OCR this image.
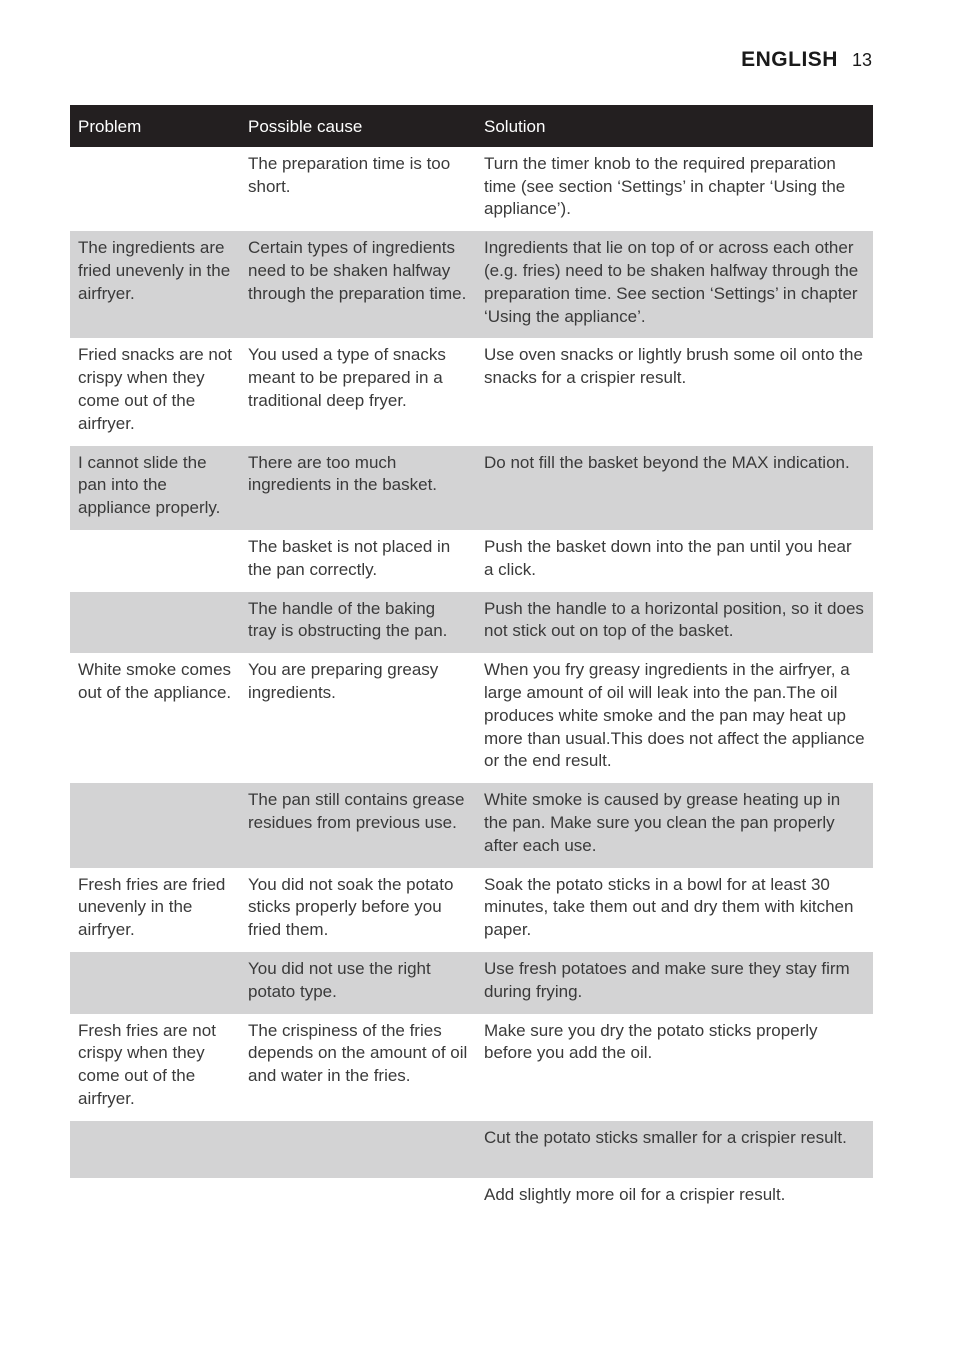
ENGLISH 13
Problem	Possible cause	Solution
	The preparation time is too short.	Turn the timer knob to the required preparation time (see section ‘Settings’ in chapter ‘Using the appliance’).
The ingredients are fried unevenly in the airfryer.	Certain types of ingredients need to be shaken halfway through the preparation time.	Ingredients that lie on top of or across each other (e.g. fries) need to be shaken halfway through the preparation time. See section ‘Settings’ in chapter ‘Using the appliance’.
Fried snacks are not crispy when they come out of the airfryer.	You used a type of snacks meant to be prepared in a traditional deep fryer.	Use oven snacks or lightly brush some oil onto the snacks for a crispier result.
I cannot slide the pan into the appliance properly.	There are too much ingredients in the basket.	Do not fill the basket beyond the MAX indication.
	The basket is not placed in the pan correctly.	Push the basket down into the pan until you hear a click.
	The handle of the baking tray is obstructing the pan.	Push the handle to a horizontal position, so it does not stick out on top of the basket.
White smoke comes out of the appliance.	You are preparing greasy ingredients.	When you fry greasy ingredients in the airfryer, a large amount of oil will leak into the pan.The oil produces white smoke and the pan may heat up more than usual.This does not affect the appliance or the end result.
	The pan still contains grease residues from previous use.	White smoke is caused by grease heating up in the pan. Make sure you clean the pan properly after each use.
Fresh fries are fried unevenly in the airfryer.	You did not soak the potato sticks properly before you fried them.	Soak the potato sticks in a bowl for at least 30 minutes, take them out and dry them with kitchen paper.
	You did not use the right potato type.	Use fresh potatoes and make sure they stay firm during frying.
Fresh fries are not crispy when they come out of the airfryer.	The crispiness of the fries depends on the amount of oil and water in the fries.	Make sure you dry the potato sticks properly before you add the oil.
		Cut the potato sticks smaller for a crispier result.
		Add slightly more oil for a crispier result.
